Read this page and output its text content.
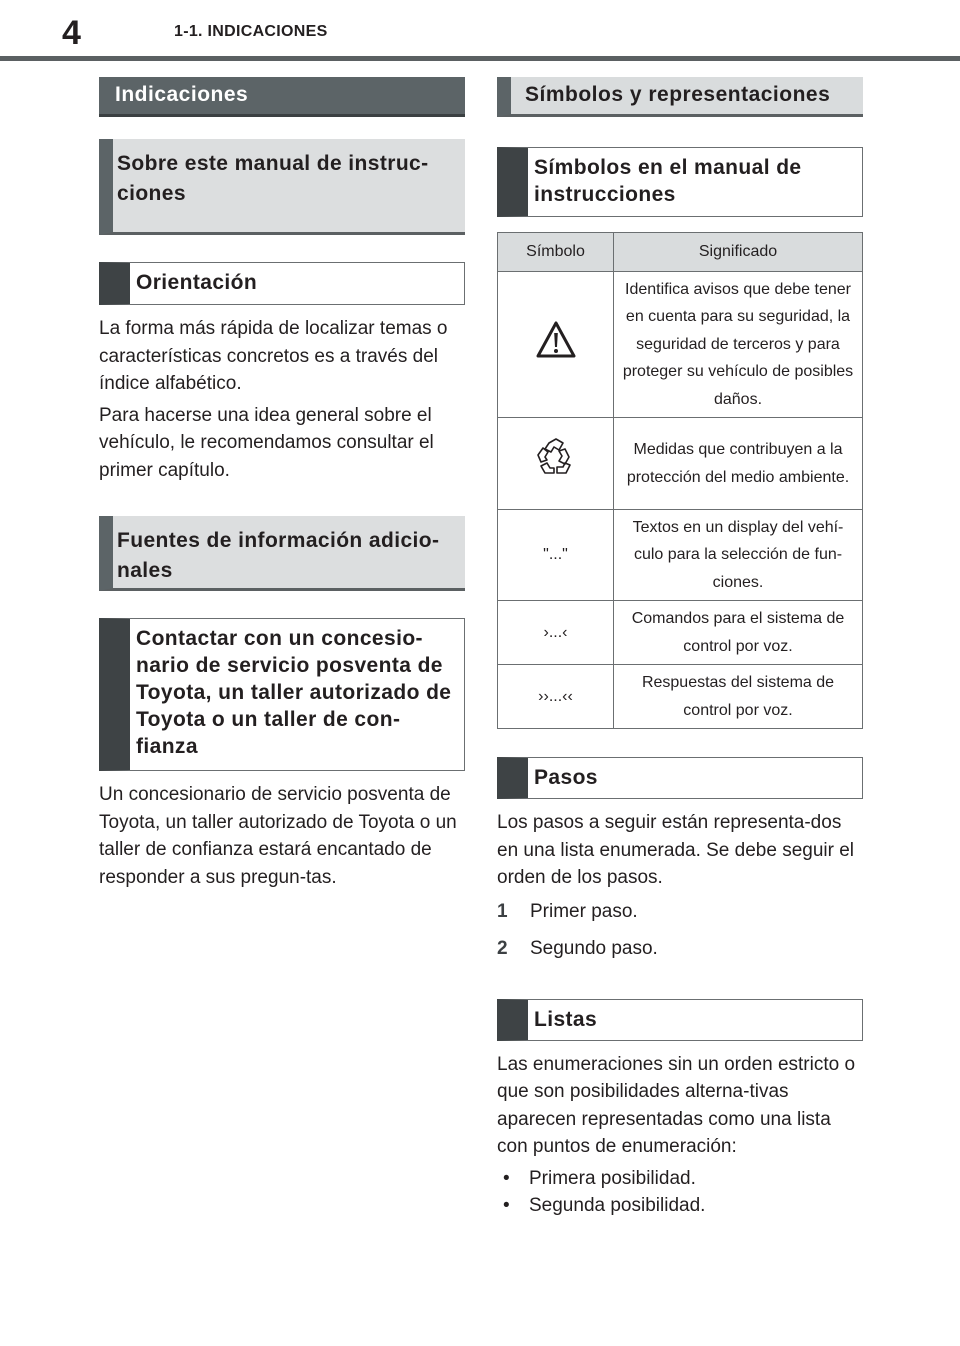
4	1-1. INDICACIONES
Indicaciones
Sobre este manual de instruc-ciones
Orientación

La forma más rápida de localizar temas o características concretos es a través del índice alfabético.

Para hacerse una idea general sobre el vehículo, le recomendamos consultar el primer capítulo.

Fuentes de información adicio-nales
Contactar con un concesio-nario de servicio posventa de Toyota, un taller autorizado de Toyota o un taller de con-fianza

Un concesionario de servicio posventa de Toyota, un taller autorizado de Toyota o un taller de confianza estará encantado de responder a sus pregun-tas.

Símbolos y representaciones
Símbolos en el manual de instrucciones
Símbolo	Significado
	Identifica avisos que debe tener en cuenta para su seguridad, la seguridad de terceros y para proteger su vehículo de posibles daños.
	Medidas que contribuyen a la protección del medio ambiente.
"..."	Textos en un display del vehí-culo para la selección de fun-ciones.
›...‹	Comandos para el sistema de control por voz.
››...‹‹	Respuestas del sistema de control por voz.
Pasos

Los pasos a seguir están representa-dos en una lista enumerada. Se debe seguir el orden de los pasos.

1	Primer paso.
2	Segundo paso.
Listas

Las enumeraciones sin un orden estricto o que son posibilidades alterna-tivas aparecen representadas como una lista con puntos de enumeración:

•	Primera posibilidad.
•	Segunda posibilidad.
